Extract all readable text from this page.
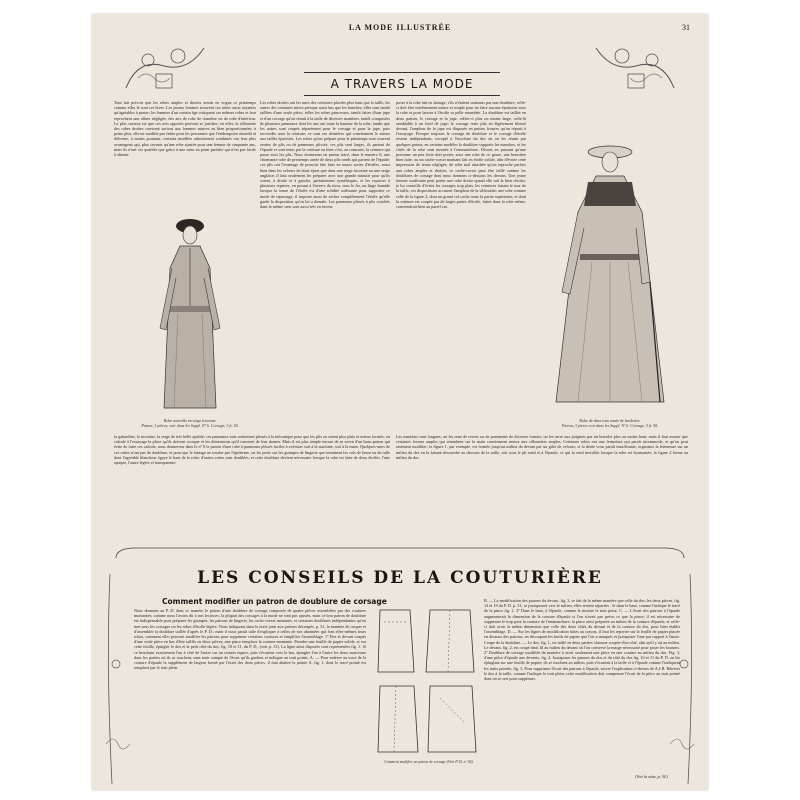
LA MODE ILLUSTRÉE	31
A TRAVERS LA MODE
Tout fait prévoir que les robes amples et droites seront en vogue ce printemps comme elles le sont cet hiver. Les jeunes femmes trouvent ces robes aussi seyantes qu'agréables à porter; les femmes d'un certain âge critiquent ces mêmes robes et leur reprochent une allure négligée, des airs de robe de chambre ou de robe d'intérieur. Le plus curieux est que ces avis opposés peuvent se justifier; en effet, la silhouette des robes droites convient surtout aux femmes minces ou bien proportionnées; à peine plus, elle ne modifie pas faites pour les personnes que l'embonpoint alourdit et déforme, à moins pourtant, certains modèles adroitement combinés ont leur plus avantageux qui, plus seyants qu'une robe ajustée pour une femme de cinquante ans, mais ils n'ont ces qualités que grâce à une mise au point parfaite qui n'est pas facile à obtenir.
Les robes droites ont les unes des ceintures placées plus haut que la taille, les autres des ceintures mises presque aussi bas que les hanches; elles sont tantôt taillées d'une seule pièce, telles les robes princesses, tantôt faites d'une jupe et d'un corsage qu'on réunit à la taille de diverses manières, tantôt composées de plusieurs panneaux dont les uns ont toute la hauteur de la robe, tandis que les autres sont coupés séparément pour le corsage et pour la jupe, puis raccordés sous la ceinture; ce sont ces dernières qui conviennent le mieux aux tailles épaissies. Les robes qu'on prépare pour le printemps sont souvent ornées de plis ou de panneaux plissés; ces plis sont larges, ils partent de l'épaule et sont tenus par la ceinture ou bien c'est, au contraire, la ceinture qui passe sous les plis. Nous donnerons en patron tracé, dans le numéro 6, une charmante robe de printemps ornée de deux plis ronds qui partent de l'épaule; ces plis ont l'avantage de pouvoir être faits en toutes sortes d'étoffes, aussi bien dans les velours de laine épais que dans une serge tricotine ou une serge anglaise; il faut seulement les préparer avec une grande minutie pour qu'ils soient, à droite et à gauche, parfaitement symétriques, et les repasser à plusieurs reprises, en posant à l'envers du tissu, sous le fer, un linge humide lorsque la tenue de l'étoffe est d'une solidité suffisante pour supporter ce mode de repassage; il importe aussi de sécher complètement l'étoffe qu'elle garde la disposition qu'on lui a donnée. Les panneaux plissés à plis couchés dans le même sens sont aussi très en faveur.
poser à la robe fait en lainage, s'ils n'étaient soutenus par une doublure; celle-ci doit être extrêmement mince et souple pour ne faire aucune épaisseur sous la robe et pour laisser à l'étoffe sa pelle retombée. La doublure est taillée en deux parties, le corsage et la jupe, celles-ci plus ou moins large, celle-là semblable à un fond de jupe; le corsage reste plat en légèrement blousé devant, l'ampleur de la jupe est disposée en petites fronces qu'on réparti à l'essayage. Presque toujours le corsage de doublure et le corsage d'étoffe restent indépendants, excepté à l'encolure du dos où on les réunit par quelques points; en certains modèles la doublure supporte les manches, et les côtés de la robe sont montés à l'emmanchure. Disons en passant qu'une personne un peu forte doit porter, sous une robe de ce genre, une brassière bien faite, ou un cache-corset montant fait en étoffe solide, afin d'éviter cette impression de tenue négligée, de robe mal attachée qu'on reproche parfois aux robes amples et droites; ce cache-corset peut être taillé comme les doublures de corsage dont nous donnons ci-dessous les dessins. Une jeune femme souffrante peut porter une robe droite quand elle sait la bien choisir; je lui conseille d'éviter les corsages trop plats, les ceintures faisant le tour de la taille, ces dispositions accusent l'ampleur de la silhouette; une robe comme celle de la figure 2, dont un grand col cache toute la partie supérieure, et dont la ceinture est coupée par de larges pattes d'étoffe, fuites dans la robe même, conviendrait bien au pareil cas.
Les manches sont longues; on les orne de revers ou de parements de diverses formes; on les serre aux poignets par un bracelet plus ou moins haut; mais il faut avouer que certaines formes amples qui retombent sur la main conviennent mieux aux silhouettes amples. Certaines robes ont une fermeture qui paraît incommode, et qu'on peut aisément modifier; la figure 1, par exemple, est fermée jusqu'au milieu du devant par un gilet de velours; si la dente vous paraît insuffisante, organisez la fermeture sur un milieu du dos en la faisant descendre au dessous de la taille, soit sous le pli rond et à l'épaule, ce qui la rend invisible lorsque la robe est boutonnée; la figure 2 ferme au milieu du dos.
la gabardine, la tricotine, la serge de très belle qualité; ces panneaux sont seulement plissés à la mécanique pour que les plis en soient plus plats et mieux formés; on calcule à l'essayage la place qu'ils doivent occuper et les dimensions qu'il convient de leur donner. Mais il est plus simple encore de se servir d'un beau patron qui évite de faire ces calculs; nous donnerons dans le nº 6 le patron d'une robe à panneaux plissés faciles à exécuter soit à la machine, soit à la main. Quelques-unes de ces robes n'ont pas de doublure, et pour que le lainage ne touche pas l'épiderme, on les porte sur les guimpes de lingerie que terminent les cols de linon ou de tulle dont l'agréable blancheur égaye le haut de la robe; d'autres robes sont doublées, et cette doublure devient nécessaire lorsque la robe est faite de deux étoffes, l'une opaque, l'autre légère et transparente.
Robe nouvelle en serge tricotine.
Patron, 3 pièces, voir dans les Suppl. Nº 6. Corsage, 3 fr. 50.
Robe de deux tons ornée de broderies.
Patron, 3 pièces voir dans les Suppl. Nº 6. Corsage, 3 fr. 50.
LES CONSEILS DE LA COUTURIÈRE
Comment modifier un patron de doublure de corsage
Nous donnons au P. D. dans ce numéro le patron d'une doublure de corsage composée de quatre pièces assemblées par des coutures montantes; comme nous l'avons dit à nos lectrices, la plupart des corsages à la mode ne sont pas ajustés, mais ce bon patron de doublure est indispensable pour préparer les guimpes, les patrons de lingerie, les cache-corset montants, et certaines doublures indépendantes qu'on met sous les corsages ou les robes d'étoffe légère. Nous indiquons dans le texte joint aux patrons découpés, p. 51, la manière de couper et d'assembler la doublure taillée d'après le P. D.; mais il nous paraît utile d'expliquer à celles de nos abonnées qui font elles-mêmes leurs robes, comment elles peuvent modifier les patrons pour supprimer certaines coutures et simplifier l'assemblage. 1º Dos et devant coupés d'une seule pièce en bas d'être taillés en deux pièces; une pince remplace la couture montante. Prendre une feuille de papier solide, et sur cette feuille, épingler le dos et le petit côté du dos, fig. 10 et 11, du P. D., (voir p. 31). La ligne ainsi disposée sont représentées fig. 1. Si ce bouchant exactement l'un à côté de l'autre sur un certain espace, puis s'écartent vers le bas, épingler l'un à l'autre les deux morceaux dans les parties où ils se touchent, sans tenir compte de l'écart qu'ils gardent et indiquer au trait points. A. — Pour enlever au tracé de la couture d'épaule la supplément de largeur formé par l'écart des deux pièces, il faut abattre la pointe A, fig. 1, dont le tracé pointé est remplacé par le trait plein.
B. — La modification des patrons du devant, fig. 3, se fait de la même manière que celle du dos; les deux pièces, fig. 13 et 19 du P. D. p. 31, se juxtaposent vers le milieu; elles restent séparées : le dans le haut, comme l'indique le tracé de la pince fig. 2. 3º Dans le haut, à l'épaule, comme le montre le trait point. C. — L'écart des patrons à l'épaule augmenterait la dimension de la couture d'épaule si l'on n'avait pas prévu ce que la pince; il est nécessaire de supprimer le trop pour la couture de l'emmanchure; la pince ainsi préparée au milieu de la couture d'épaule, et celle-ci doit avoir la même dimension que celle des deux côtés du devant et de la couture du dos, pour bien établir l'assemblage. D. — Sur les lignes de modification faites au crayon, il faut les reporter sur la feuille de papier placée en dessous des patrons, en découpant les bords de papier que l'on a marqués et juxtaposer l'une par rapport à l'autre. Coupe de la doublure. — Le dos, fig. 1, est taillé en deux parties chacune coupée d'un côté, afin qu'il y ait au milieu. Le devant, fig. 2, est coupé droit fil au milieu du devant où l'on conserve la marge nécessaire pour poser les boutons. 2º Doublure de corsage modifiée de manière à avoir seulement une pièce en une couture au milieu du dos. Fig. 3, d'une pièce d'épaule aux devants, fig. 4. Juxtaposer les patrons du dos et du côté du dos fig. 10 et 11 du P. D. on les épinglant sur une feuille de papier; ils se touchent au milieu, puis s'écartent à la taille et à l'épaule comme l'indiquent les traits pointés, fig. 3. Pour supprimer l'écart des patrons à l'épaule, suivre l'explication ci-dessus de A à B. Rétrécir le dos à la taille, comme l'indique le trait plein; cette modification doit compenser l'écart de la pièce au trait pointé dont on se sert pour supprimer.
Comment modifier un patron de corsage (Voir P. D. nº 56).
(Voir la suite, p. 34.)
